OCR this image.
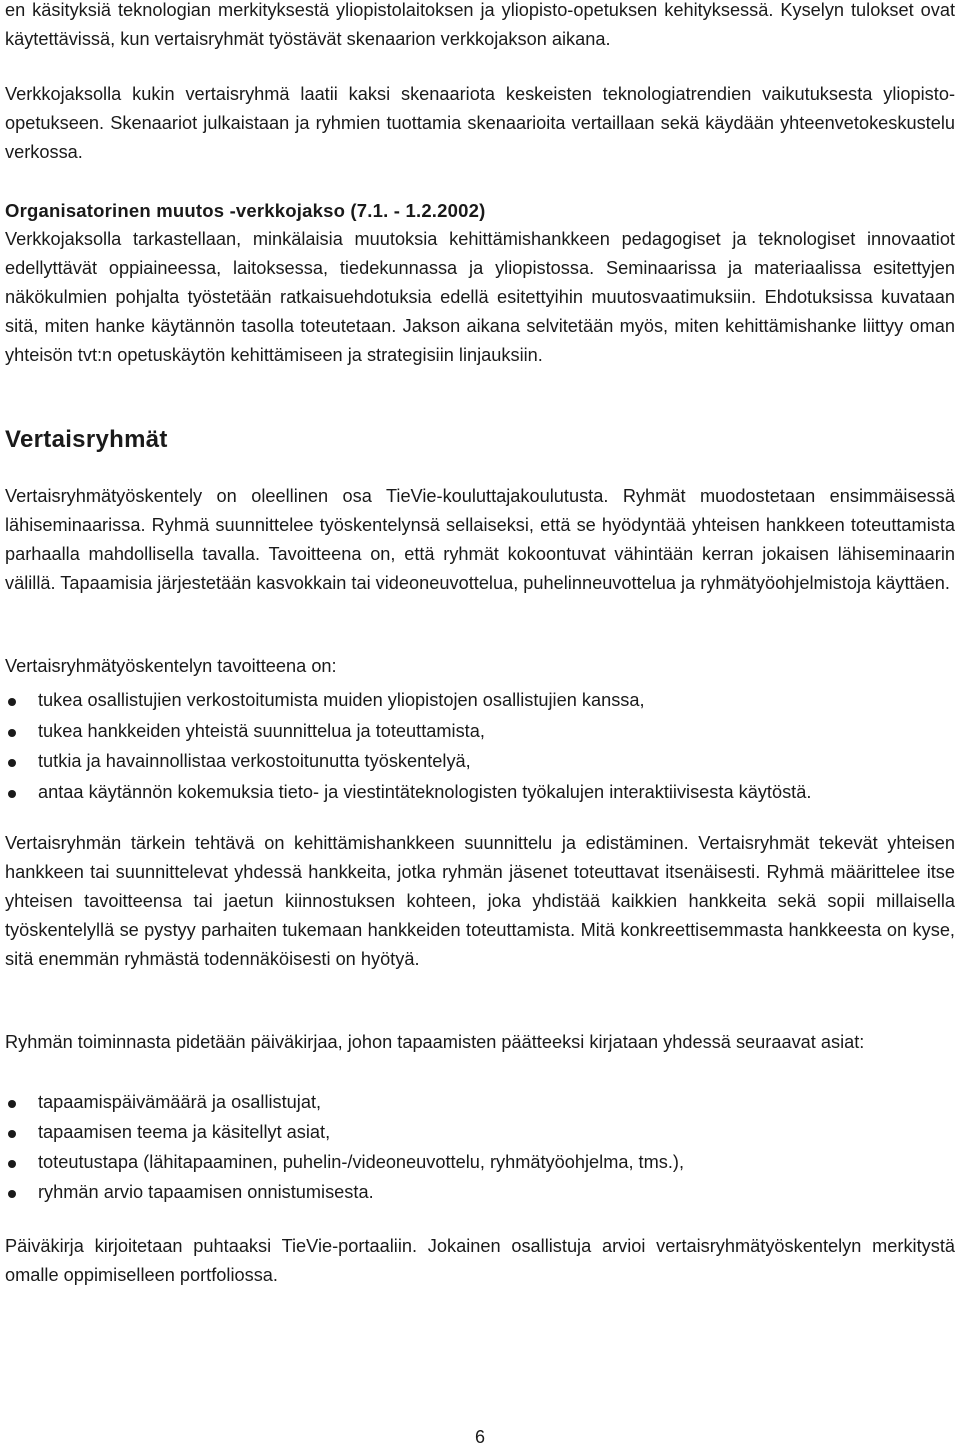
en käsityksiä teknologian merkityksestä yliopistolaitoksen ja yliopisto-opetuksen kehityksessä. Kyselyn tulokset ovat käytettävissä, kun vertaisryhmät työstävät skenaarion verkkojakson aikana.

Verkkojaksolla kukin vertaisryhmä laatii kaksi skenaariota keskeisten teknologiatrendien vaikutuksesta yliopisto-opetukseen. Skenaariot julkaistaan ja ryhmien tuottamia skenaarioita vertaillaan sekä käydään yhteenvetokeskustelu verkossa.

Organisatorinen muutos -verkkojakso (7.1. - 1.2.2002)

Verkkojaksolla tarkastellaan, minkälaisia muutoksia kehittämishankkeen pedagogiset ja teknologiset innovaatiot edellyttävät oppiaineessa, laitoksessa, tiedekunnassa ja yliopistossa. Seminaarissa ja materiaalissa esitettyjen näkökulmien pohjalta työstetään ratkaisuehdotuksia edellä esitettyihin muutosvaatimuksiin. Ehdotuksissa kuvataan sitä, miten hanke käytännön tasolla toteutetaan. Jakson aikana selvitetään myös, miten kehittämishanke liittyy oman yhteisön tvt:n opetuskäytön kehittämiseen ja strategisiin linjauksiin.

Vertaisryhmät

Vertaisryhmätyöskentely on oleellinen osa TieVie-kouluttajakoulutusta. Ryhmät muodostetaan ensimmäisessä lähiseminaarissa. Ryhmä suunnittelee työskentelynsä sellaiseksi, että se hyödyntää yhteisen hankkeen toteuttamista parhaalla mahdollisella tavalla. Tavoitteena on, että ryhmät kokoontuvat vähintään kerran jokaisen lähiseminaarin välillä. Tapaamisia järjestetään kasvokkain tai videoneuvottelua, puhelinneuvottelua ja ryhmätyöohjelmistoja käyttäen.

Vertaisryhmätyöskentelyn tavoitteena on:

tukea osallistujien verkostoitumista muiden yliopistojen osallistujien kanssa,
tukea hankkeiden yhteistä suunnittelua ja toteuttamista,
tutkia ja havainnollistaa verkostoitunutta työskentelyä,
antaa käytännön kokemuksia tieto- ja viestintäteknologisten työkalujen interaktiivisesta käytöstä.

Vertaisryhmän tärkein tehtävä on kehittämishankkeen suunnittelu ja edistäminen. Vertaisryhmät tekevät yhteisen hankkeen tai suunnittelevat yhdessä hankkeita, jotka ryhmän jäsenet toteuttavat itsenäisesti. Ryhmä määrittelee itse yhteisen tavoitteensa tai jaetun kiinnostuksen kohteen, joka yhdistää kaikkien hankkeita sekä sopii millaisella työskentelyllä se pystyy parhaiten tukemaan hankkeiden toteuttamista. Mitä konkreettisemmasta hankkeesta on kyse, sitä enemmän ryhmästä todennäköisesti on hyötyä.

Ryhmän toiminnasta pidetään päiväkirjaa, johon tapaamisten päätteeksi kirjataan yhdessä seuraavat asiat:

tapaamispäivämäärä ja osallistujat,
tapaamisen teema ja käsitellyt asiat,
toteutustapa (lähitapaaminen, puhelin-/videoneuvottelu, ryhmätyöohjelma, tms.),
ryhmän arvio tapaamisen onnistumisesta.

Päiväkirja kirjoitetaan puhtaaksi TieVie-portaaliin. Jokainen osallistuja arvioi vertaisryhmätyöskentelyn merkitystä omalle oppimiselleen portfoliossa.

6
